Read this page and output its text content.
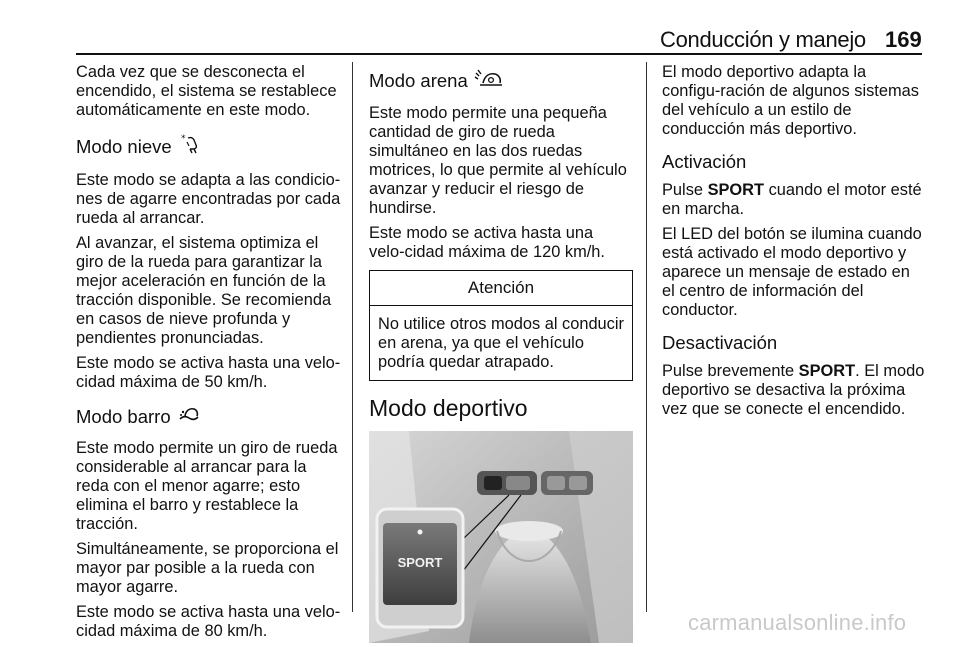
Conducción y manejo 169

Cada vez que se desconecta el encendido, el sistema se restablece automáticamente en este modo.

Modo nieve *

Este modo se adapta a las condicio-nes de agarre encontradas por cada rueda al arrancar.

Al avanzar, el sistema optimiza el giro de la rueda para garantizar la mejor aceleración en función de la tracción disponible. Se recomienda en casos de nieve profunda y pendientes pronunciadas.

Este modo se activa hasta una velo-cidad máxima de 50 km/h.

Modo barro

Este modo permite un giro de rueda considerable al arrancar para la reda con el menor agarre; esto elimina el barro y restablece la tracción.

Simultáneamente, se proporciona el mayor par posible a la rueda con mayor agarre.

Este modo se activa hasta una velo-cidad máxima de 80 km/h.

Modo arena

Este modo permite una pequeña cantidad de giro de rueda simultáneo en las dos ruedas motrices, lo que permite al vehículo avanzar y reducir el riesgo de hundirse.

Este modo se activa hasta una velo-cidad máxima de 120 km/h.

Atención
No utilice otros modos al conducir en arena, ya que el vehículo podría quedar atrapado.
Modo deportivo
SPORT

El modo deportivo adapta la configu-ración de algunos sistemas del vehículo a un estilo de conducción más deportivo.

Activación

Pulse SPORT cuando el motor esté en marcha.

El LED del botón se ilumina cuando está activado el modo deportivo y aparece un mensaje de estado en el centro de información del conductor.

Desactivación

Pulse brevemente SPORT. El modo deportivo se desactiva la próxima vez que se conecte el encendido.

carmanualsonline.info
